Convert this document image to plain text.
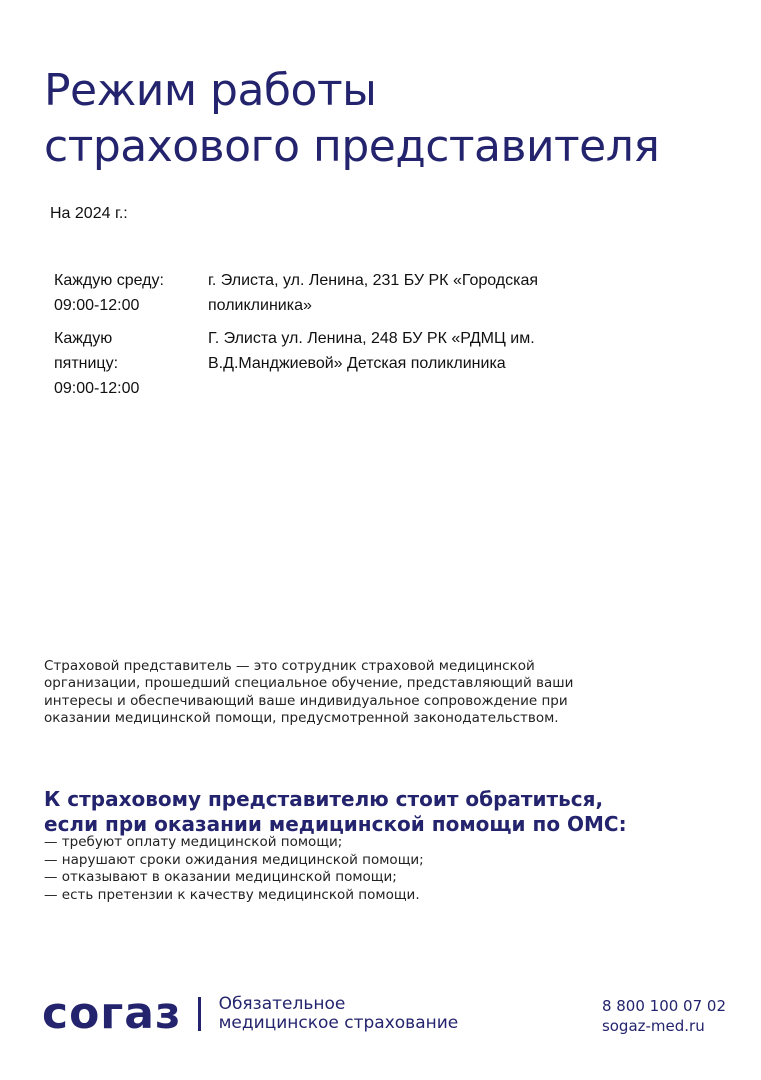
Режим работы
страхового представителя
На 2024 г.:
Каждую среду:
09:00-12:00
г. Элиста, ул. Ленина, 231 БУ РК «Городская поликлиника»
Каждую
пятницу:
09:00-12:00
Г. Элиста ул. Ленина, 248 БУ РК «РДМЦ им. В.Д.Манджиевой» Детская поликлиника

Страховой представитель — это сотрудник страховой медицинской организации, прошедший специальное обучение, представляющий ваши интересы и обеспечивающий ваше индивидуальное сопровождение при оказании медицинской помощи, предусмотренной законодательством.

К страховому представителю стоит обратиться,
если при оказании медицинской помощи по ОМС:
— требуют оплату медицинской помощи;
— нарушают сроки ожидания медицинской помощи;
— отказывают в оказании медицинской помощи;
— есть претензии к качеству медицинской помощи.
согаз Обязательное
медицинское страхование
8 800 100 07 02
sogaz-med.ru
